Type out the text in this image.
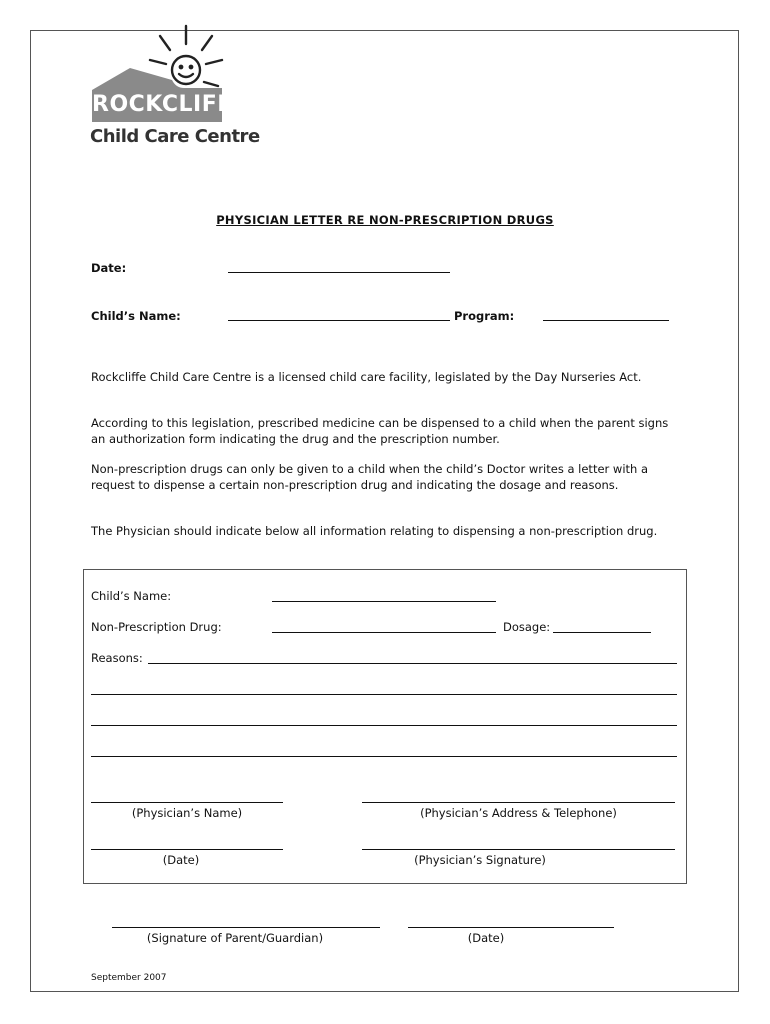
ROCKCLIFFE
Child Care Centre
PHYSICIAN LETTER RE NON-PRESCRIPTION DRUGS
Date:
Child’s Name:	Program:
Rockcliffe Child Care Centre is a licensed child care facility, legislated by the Day Nurseries Act.
According to this legislation, prescribed medicine can be dispensed to a child when the parent signs an authorization form indicating the drug and the prescription number.
Non-prescription drugs can only be given to a child when the child’s Doctor writes a letter with a request to dispense a certain non-prescription drug and indicating the dosage and reasons.
The Physician should indicate below all information relating to dispensing a non-prescription drug.
Child’s Name:
Non-Prescription Drug:	Dosage:
Reasons:
(Physician’s Name)	(Physician’s Address & Telephone)
(Date)	(Physician’s Signature)
(Signature of Parent/Guardian)	(Date)
September 2007
